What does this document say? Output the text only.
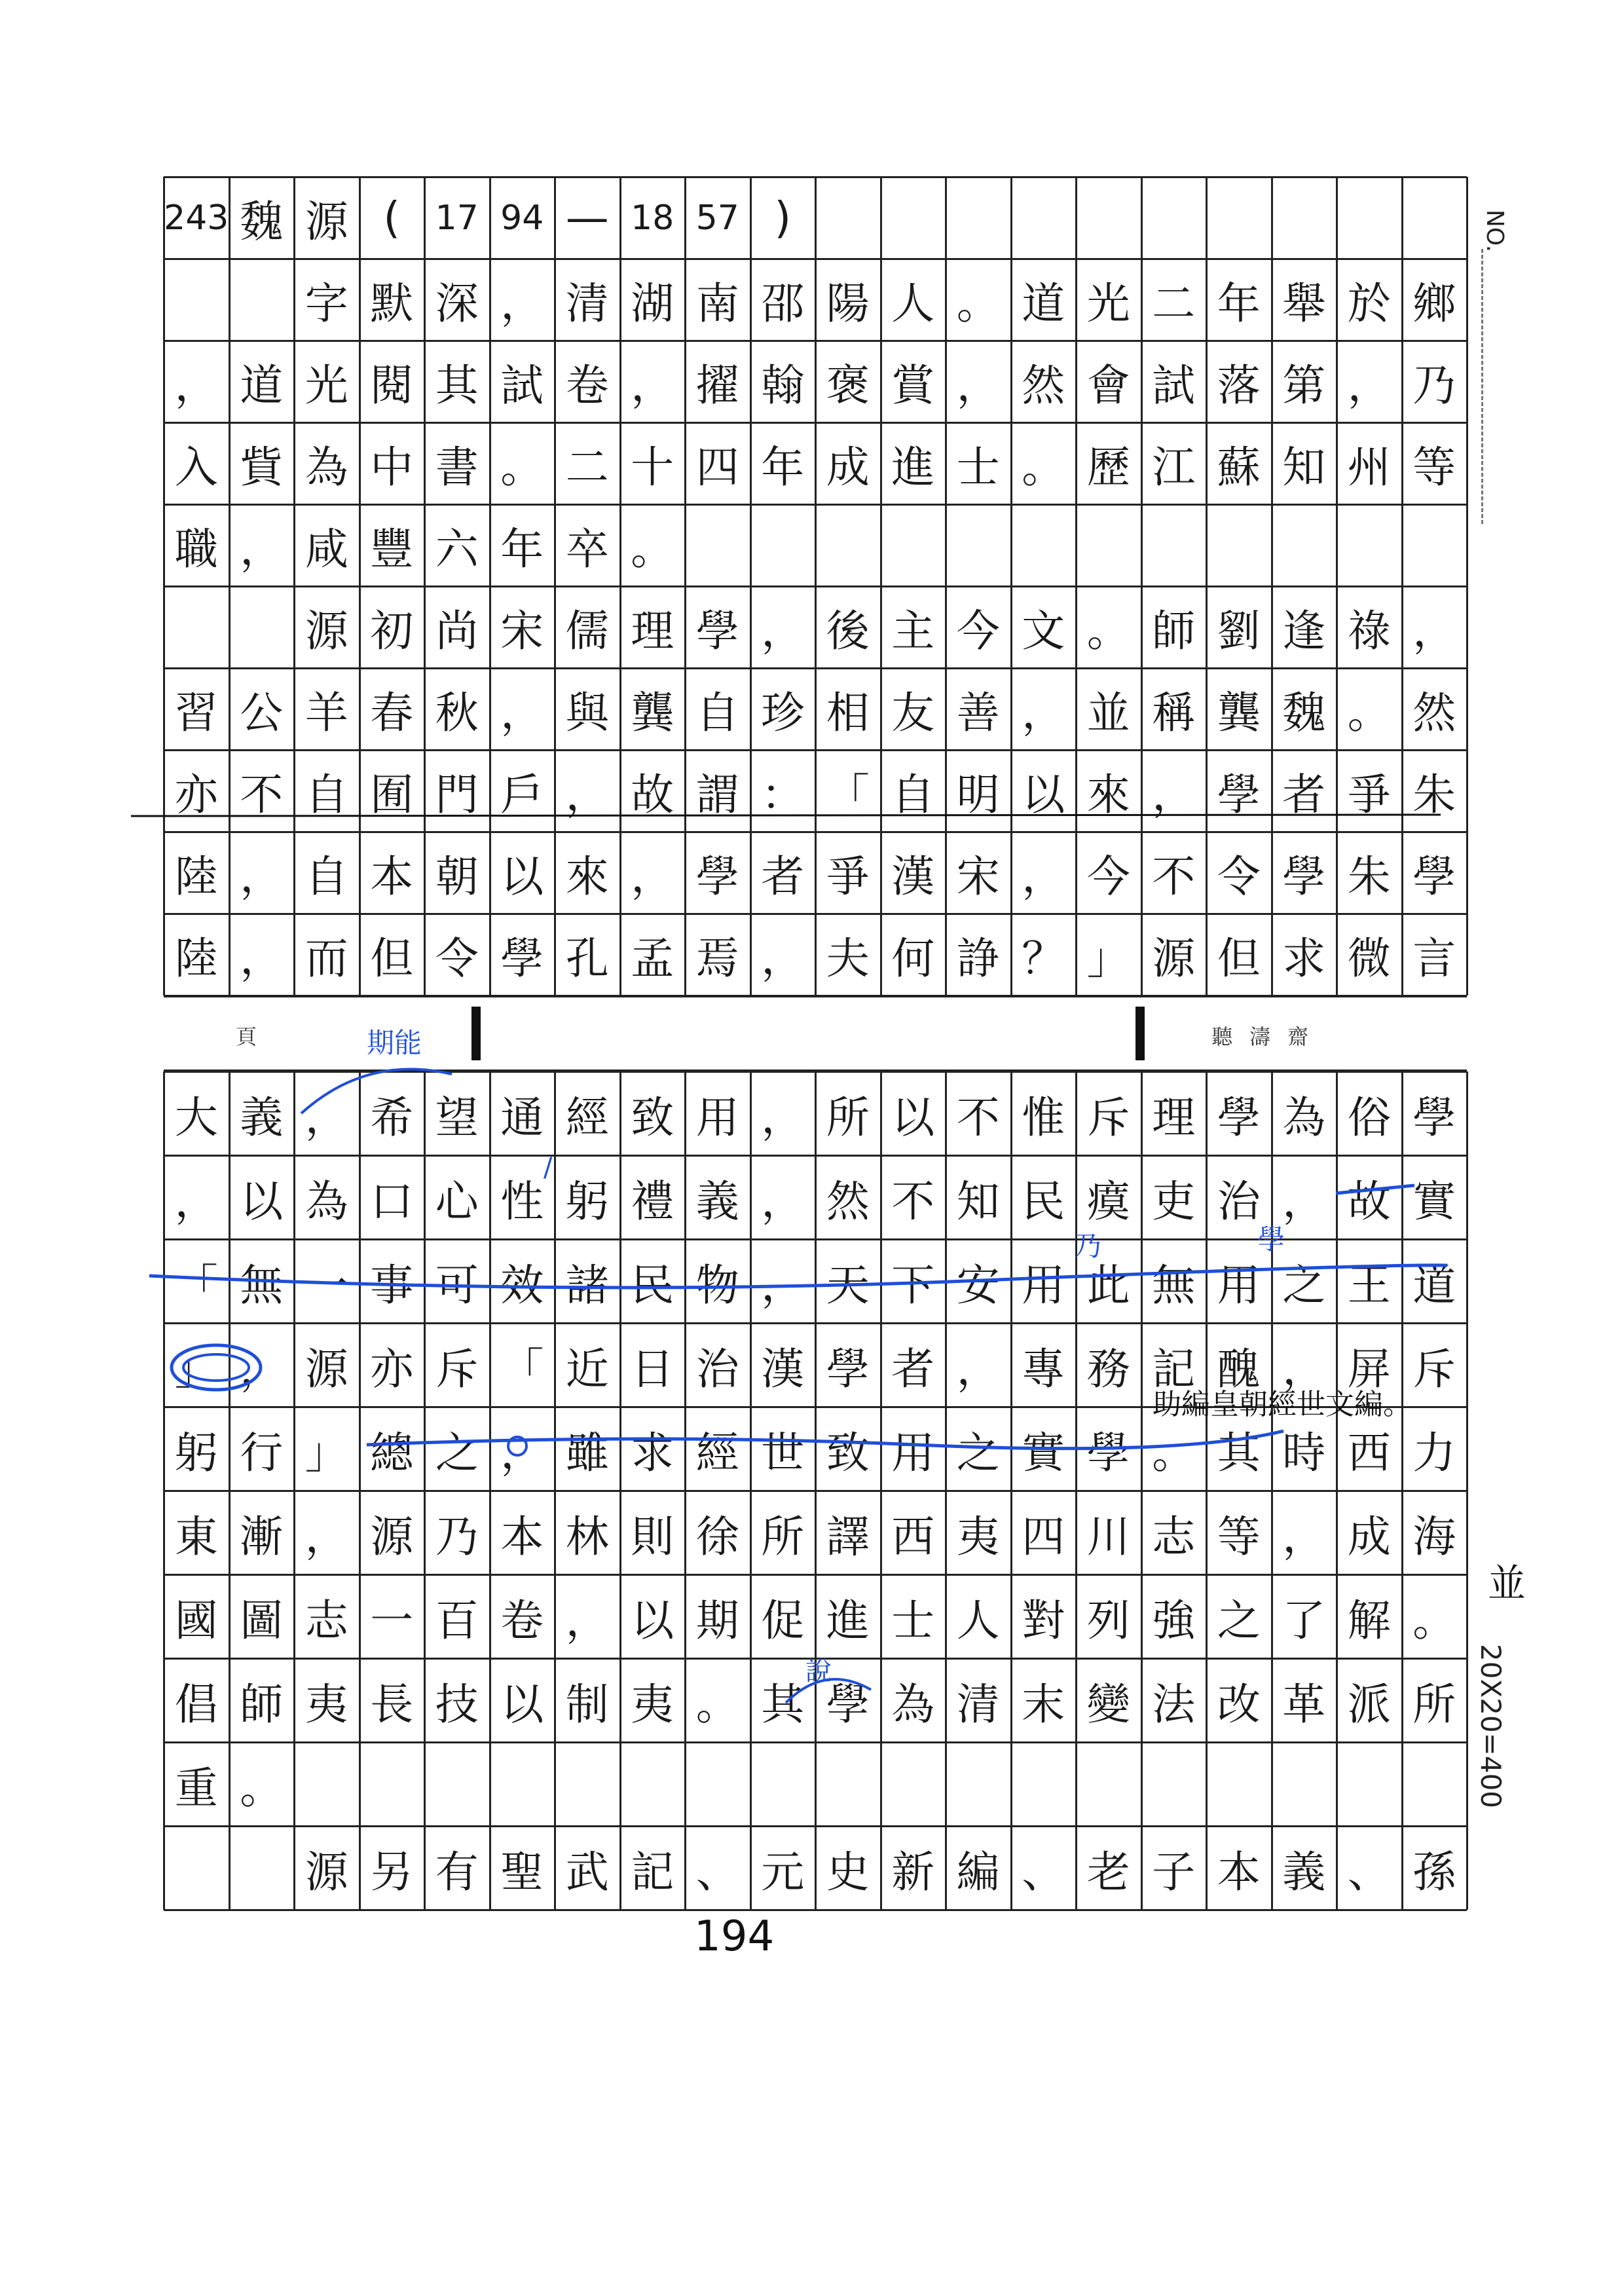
NO.
20X20=400
並
243 魏 源 (	17 94 — 18 57 )
字 默 深 ， 清 湖 南 邵 陽 人 。 道 光 二 年 舉 於 鄉
， 道 光 閱 其 試 卷 ， 擢 翰 褒 賞 ， 然 會 試 落 第 ， 乃
入 貲 為 中 書 。 二 十 四 年 成 進 士 。 歷 江 蘇 知 州 等
職 ， 咸 豐 六 年 卒 。
源 初 尚 宋 儒 理 學 ， 後 主 今 文 。 師 劉 逢 祿 ，
習 公 羊 春 秋 ， 與 龔 自 珍 相 友 善 ， 並 稱 龔 魏 。 然
亦 不 自 囿 門 戶 ， 故 謂 ： 「 自 明 以 來 ， 學 者 爭 朱
陸 ， 自 本 朝 以 來 ， 學 者 爭 漢 宋 ， 今 不 令 學 朱 學
陸 ， 而 但 令 學 孔 孟 焉 ， 夫 何 諍 ？ 」 源 但 求 微 言
頁	聽濤齋
大 義 ， 希 望 通 經 致 用 ， 所 以 不 惟 斥 理 學 為 俗 學
， 以 為 口 心 性 躬 禮 義 ， 然 不 知 民 瘼 吏 治 ， 故 實
「 無 一 事 可 效 諸 民 物 ， 天 下 安 用 此 無 用 之 王 道
」 ， 源 亦 斥 「 近 日 治 漢 學 者 ， 專 務 記 醜 ， 屏 斥
躬 行 」 總 之 ， 雖 求 經 世 致 用 之 實 學 。 其 時 西 力
東 漸 ， 源 乃 本 林 則 徐 所 譯 西 夷 四 川 志 等 ， 成 海
國 圖 志 一 百 卷 ， 以 期 促 進 士 人 對 列 強 之 了 解 。
倡 師 夷 長 技 以 制 夷 。 其 學 為 清 末 變 法 改 革 派 所
重 。
源 另 有 聖 武 記 、 元 史 新 編 、 老 子 本 義 、 孫
期能
乃	學
助編皇朝經世文編。
說
/
194
